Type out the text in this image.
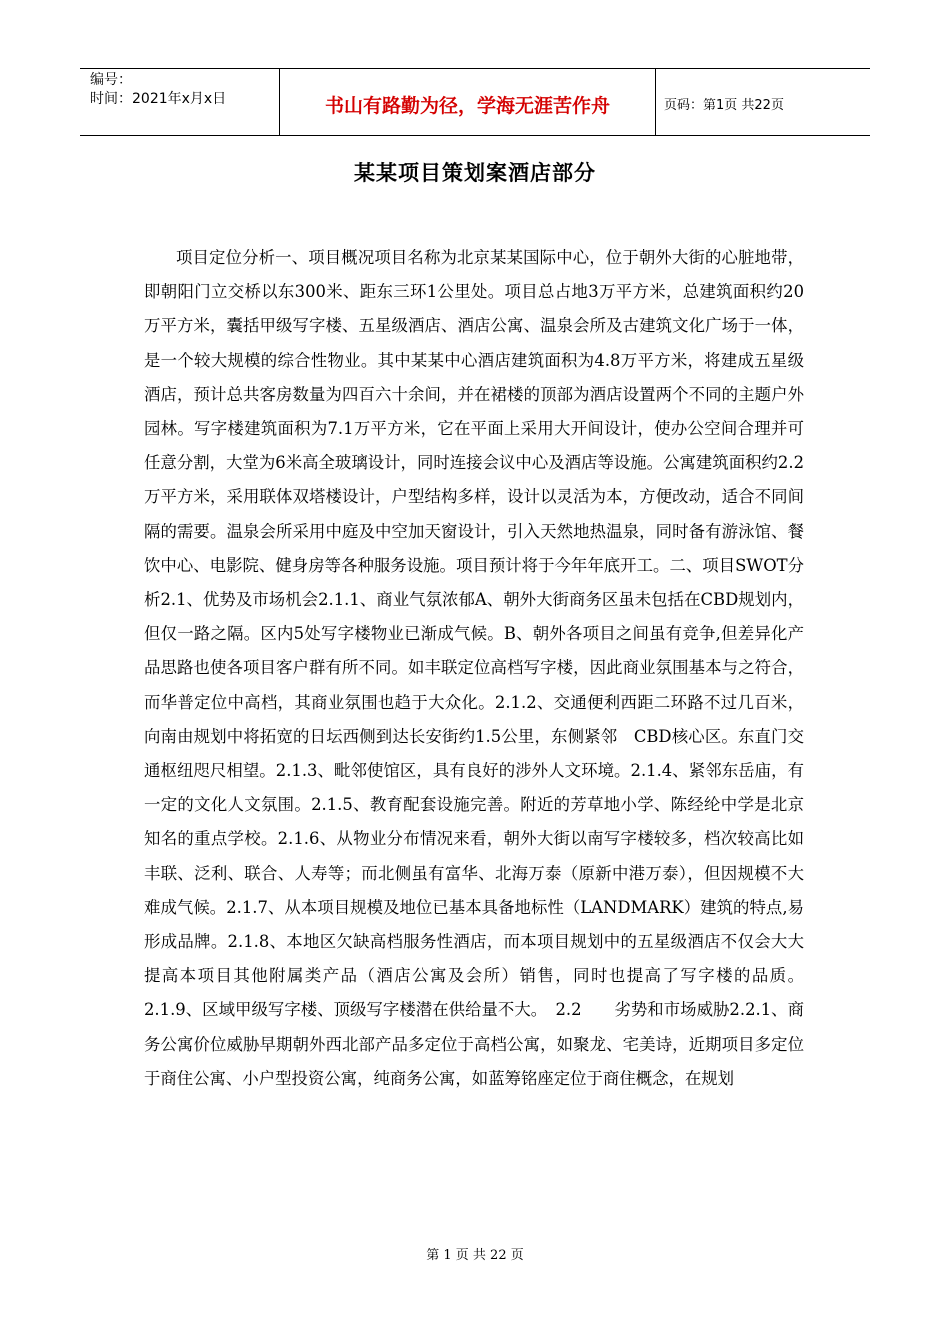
编号：
时间：2021年x月x日	书山有路勤为径，学海无涯苦作舟	页码：第1页 共22页
某某项目策划案酒店部分

项目定位分析一、项目概况项目名称为北京某某国际中心，位于朝外大街的心脏地带，即朝阳门立交桥以东300米、距东三环1公里处。项目总占地3万平方米，总建筑面积约20万平方米，囊括甲级写字楼、五星级酒店、酒店公寓、温泉会所及古建筑文化广场于一体，是一个较大规模的综合性物业。其中某某中心酒店建筑面积为4.8万平方米，将建成五星级酒店，预计总共客房数量为四百六十余间，并在裙楼的顶部为酒店设置两个不同的主题户外园林。写字楼建筑面积为7.1万平方米，它在平面上采用大开间设计，使办公空间合理并可任意分割，大堂为6米高全玻璃设计，同时连接会议中心及酒店等设施。公寓建筑面积约2.2万平方米，采用联体双塔楼设计，户型结构多样，设计以灵活为本，方便改动，适合不同间隔的需要。温泉会所采用中庭及中空加天窗设计，引入天然地热温泉，同时备有游泳馆、餐饮中心、电影院、健身房等各种服务设施。项目预计将于今年年底开工。二、项目SWOT分析2.1、优势及市场机会2.1.1、商业气氛浓郁A、朝外大街商务区虽未包括在CBD规划内，但仅一路之隔。区内5处写字楼物业已渐成气候。B、朝外各项目之间虽有竞争,但差异化产品思路也使各项目客户群有所不同。如丰联定位高档写字楼，因此商业氛围基本与之符合，而华普定位中高档，其商业氛围也趋于大众化。2.1.2、交通便利西距二环路不过几百米，向南由规划中将拓宽的日坛西侧到达长安街约1.5公里，东侧紧邻　CBD核心区。东直门交通枢纽咫尺相望。2.1.3、毗邻使馆区，具有良好的涉外人文环境。2.1.4、紧邻东岳庙，有一定的文化人文氛围。2.1.5、教育配套设施完善。附近的芳草地小学、陈经纶中学是北京知名的重点学校。2.1.6、从物业分布情况来看，朝外大街以南写字楼较多，档次较高比如丰联、泛利、联合、人寿等；而北侧虽有富华、北海万泰（原新中港万泰），但因规模不大难成气候。2.1.7、从本项目规模及地位已基本具备地标性（LANDMARK）建筑的特点,易形成品牌。2.1.8、本地区欠缺高档服务性酒店，而本项目规划中的五星级酒店不仅会大大提高本项目其他附属类产品（酒店公寓及会所）销售，同时也提高了写字楼的品质。2.1.9、区域甲级写字楼、顶级写字楼潜在供给量不大。　2.2　　劣势和市场威胁2.2.1、商务公寓价位威胁早期朝外西北部产品多定位于高档公寓，如聚龙、宅美诗，近期项目多定位于商住公寓、小户型投资公寓，纯商务公寓，如蓝筹铭座定位于商住概念，在规划

第 1 页 共 22 页
